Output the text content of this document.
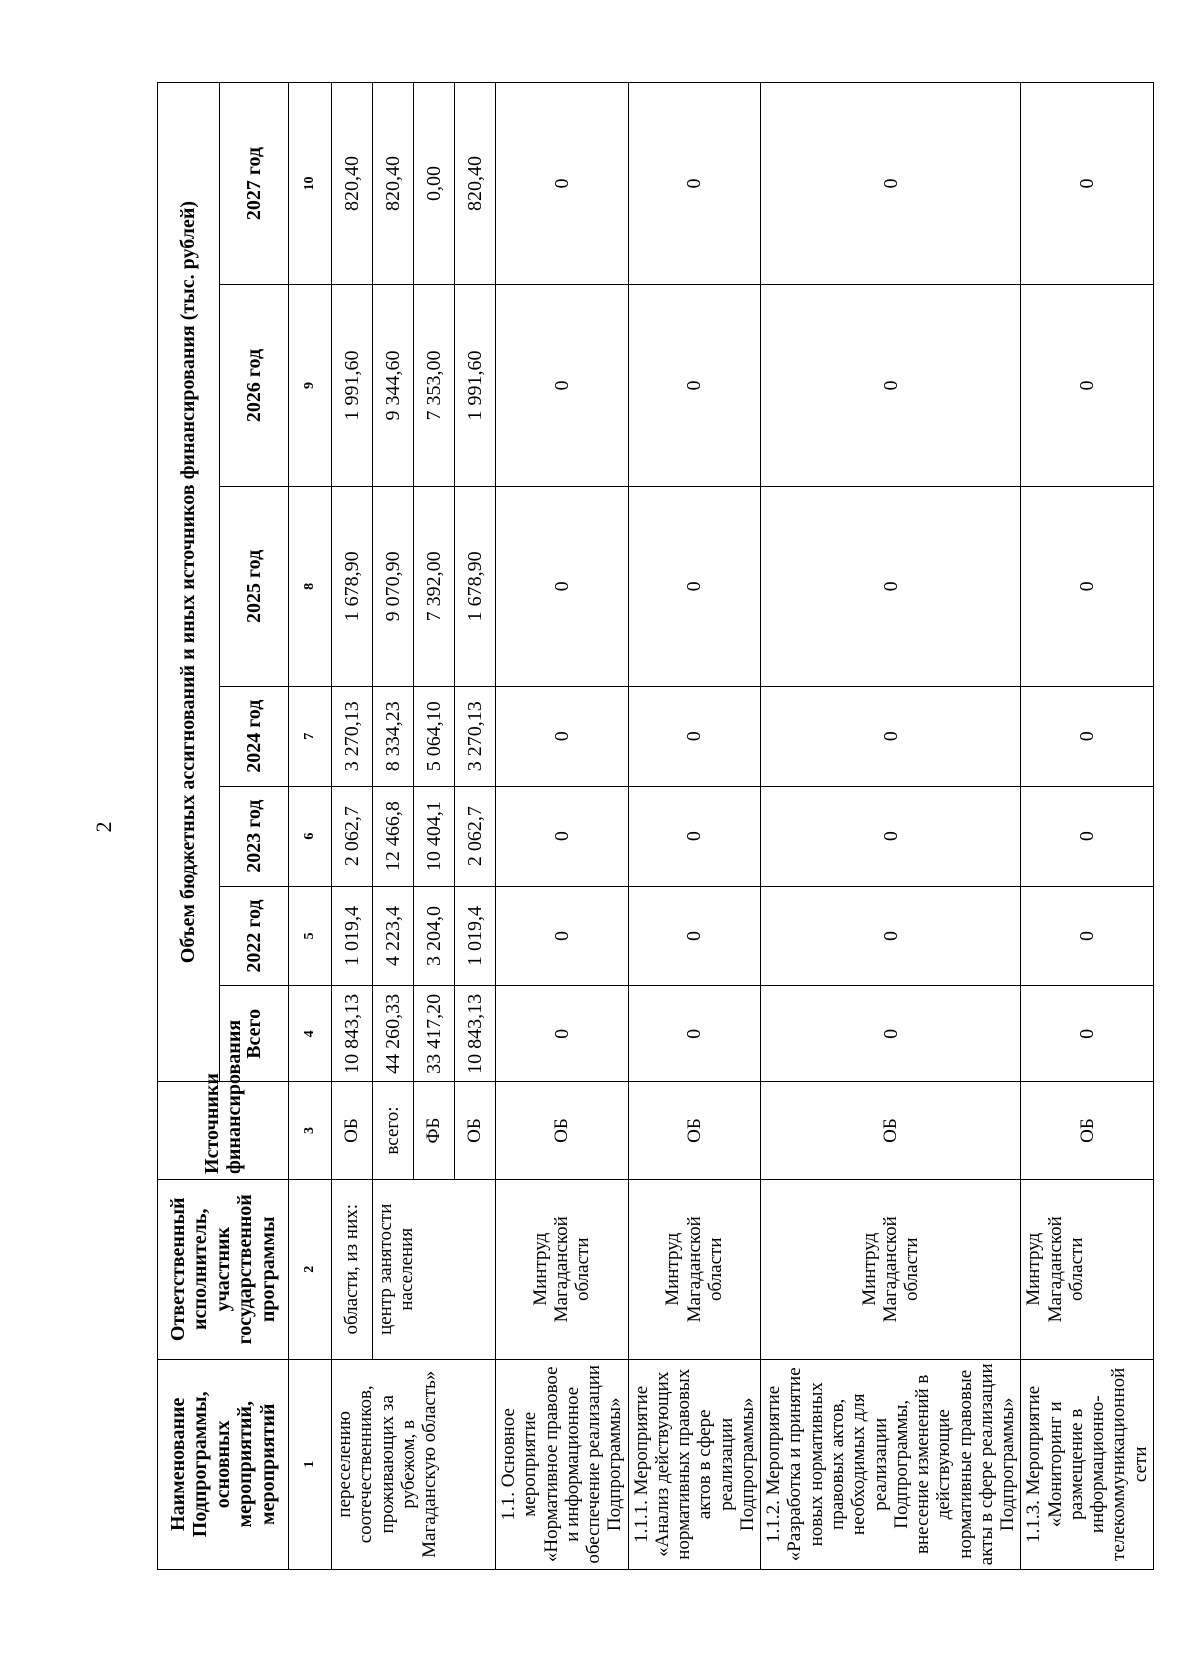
2
Наименование Подпрограммы, основных мероприятий, мероприятий	Ответственный исполнитель, участник государственной программы	Источники финансирования	Объем бюджетных ассигнований и иных источников финансирования (тыс. рублей)						
			Всего	2022 год	2023 год	2024 год	2025 год	2026 год	2027 год
1	2	3	4	5	6	7	8	9	10
переселению соотечественников, проживающих за рубежом, в Магаданскую область»	области, из них:	ОБ	10 843,13	1 019,4	2 062,7	3 270,13	1 678,90	1 991,60	820,40
	центр занятости населения	всего:	44 260,33	4 223,4	12 466,8	8 334,23	9 070,90	9 344,60	820,40
		ФБ	33 417,20	3 204,0	10 404,1	5 064,10	7 392,00	7 353,00	0,00
		ОБ	10 843,13	1 019,4	2 062,7	3 270,13	1 678,90	1 991,60	820,40
1.1. Основное мероприятие «Нормативное правовое и информационное обеспечение реализации Подпрограммы»	Минтруд Магаданской области	ОБ	0	0	0	0	0	0	0
1.1.1. Мероприятие «Анализ действующих нормативных правовых актов в сфере реализации Подпрограммы»	Минтруд Магаданской области	ОБ	0	0	0	0	0	0	0
1.1.2. Мероприятие «Разработка и принятие новых нормативных правовых актов, необходимых для реализации Подпрограммы, внесение изменений в действующие нормативные правовые акты в сфере реализации Подпрограммы»	Минтруд Магаданской области	ОБ	0	0	0	0	0	0	0
1.1.3. Мероприятие «Мониторинг и размещение в информационно-телекоммуникационной сети	Минтруд Магаданской области	ОБ	0	0	0	0	0	0	0
